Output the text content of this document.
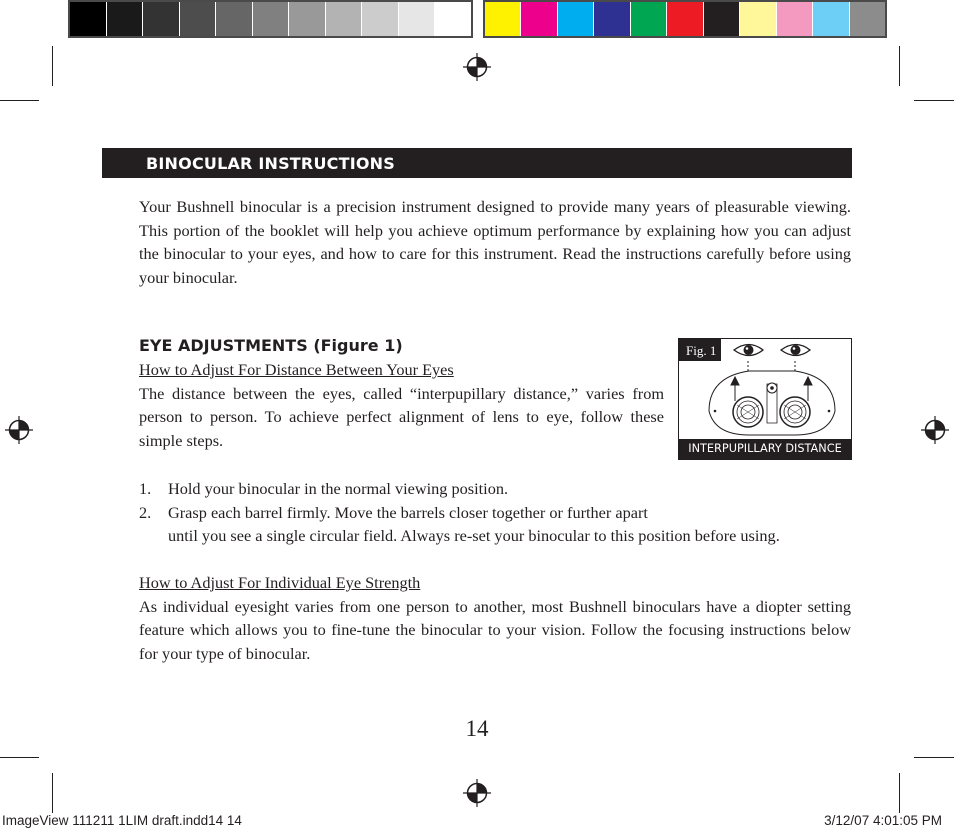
BINOCULAR INSTRUCTIONS
Your Bushnell binocular is a precision instrument designed to provide many years of pleasurable viewing. This portion of the booklet will help you achieve optimum performance by explaining how you can adjust the binocular to your eyes, and how to care for this instrument. Read the instructions carefully before using your binocular.
EYE ADJUSTMENTS (Figure 1)
How to Adjust For Distance Between Your Eyes
The distance between the eyes, called “interpupillary distance,” varies from person to person. To achieve perfect alignment of lens to eye, follow these simple steps.
1.	Hold your binocular in the normal viewing position.
2.	Grasp each barrel firmly. Move the barrels closer together or further apart
until you see a single circular field. Always re-set your binocular to this position before using.
How to Adjust For Individual Eye Strength
As individual eyesight varies from one person to another, most Bushnell binoculars have a diopter setting feature which allows you to fine-tune the binocular to your vision. Follow the focusing instructions below for your type of binocular.
Fig. 1
INTERPUPILLARY DISTANCE
14
ImageView 111211 1LIM draft.indd14 14	3/12/07 4:01:05 PM
